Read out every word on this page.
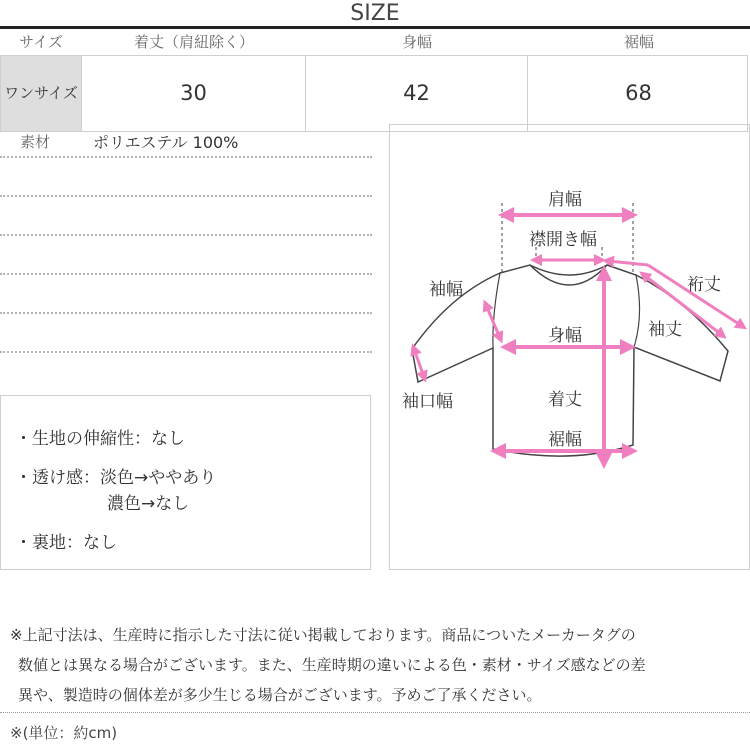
SIZE
サイズ	着丈（肩紐除く）	身幅	裾幅
ワンサイズ	30	42	68
素材	ポリエステル 100%
・生地の伸縮性：なし
・透け感：淡色→ややあり
濃色→なし
・裏地：なし
肩幅
襟開き幅
袖幅	裄丈
袖丈
身幅
袖口幅	着丈
裾幅
※上記寸法は、生産時に指示した寸法に従い掲載しております。商品についたメーカータグの
数値とは異なる場合がございます。また、生産時期の違いによる色・素材・サイズ感などの差
異や、製造時の個体差が多少生じる場合がございます。予めご了承ください。
※(単位：約cm)
